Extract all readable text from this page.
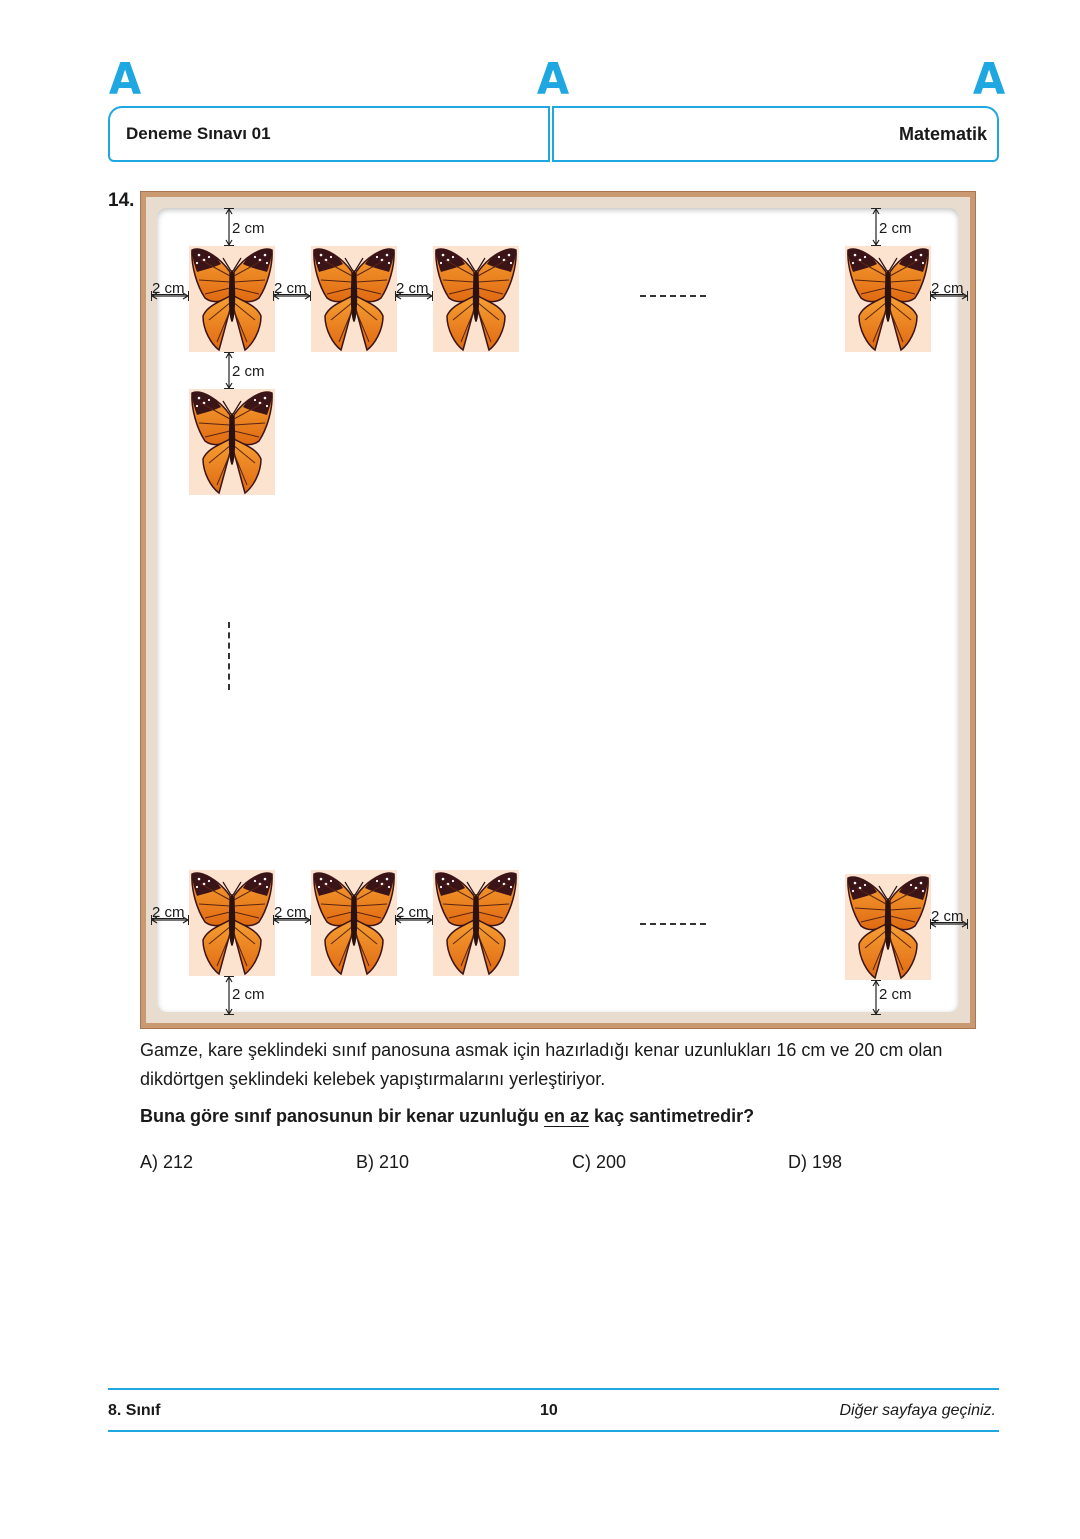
A	A	A
Deneme Sınavı 01	Matematik
14.
2 cm	2 cm
2 cm	2 cm	2 cm	2 cm
2 cm
2 cm	2 cm	2 cm	2 cm
2 cm	2 cm
Gamze, kare şeklindeki sınıf panosuna asmak için hazırladığı kenar uzunlukları 16 cm ve 20 cm olan dikdörtgen şeklindeki kelebek yapıştırmalarını yerleştiriyor.
Buna göre sınıf panosunun bir kenar uzunluğu en az kaç santimetredir?
A) 212	B) 210	C) 200	D) 198
8. Sınıf	10	Diğer sayfaya geçiniz.
